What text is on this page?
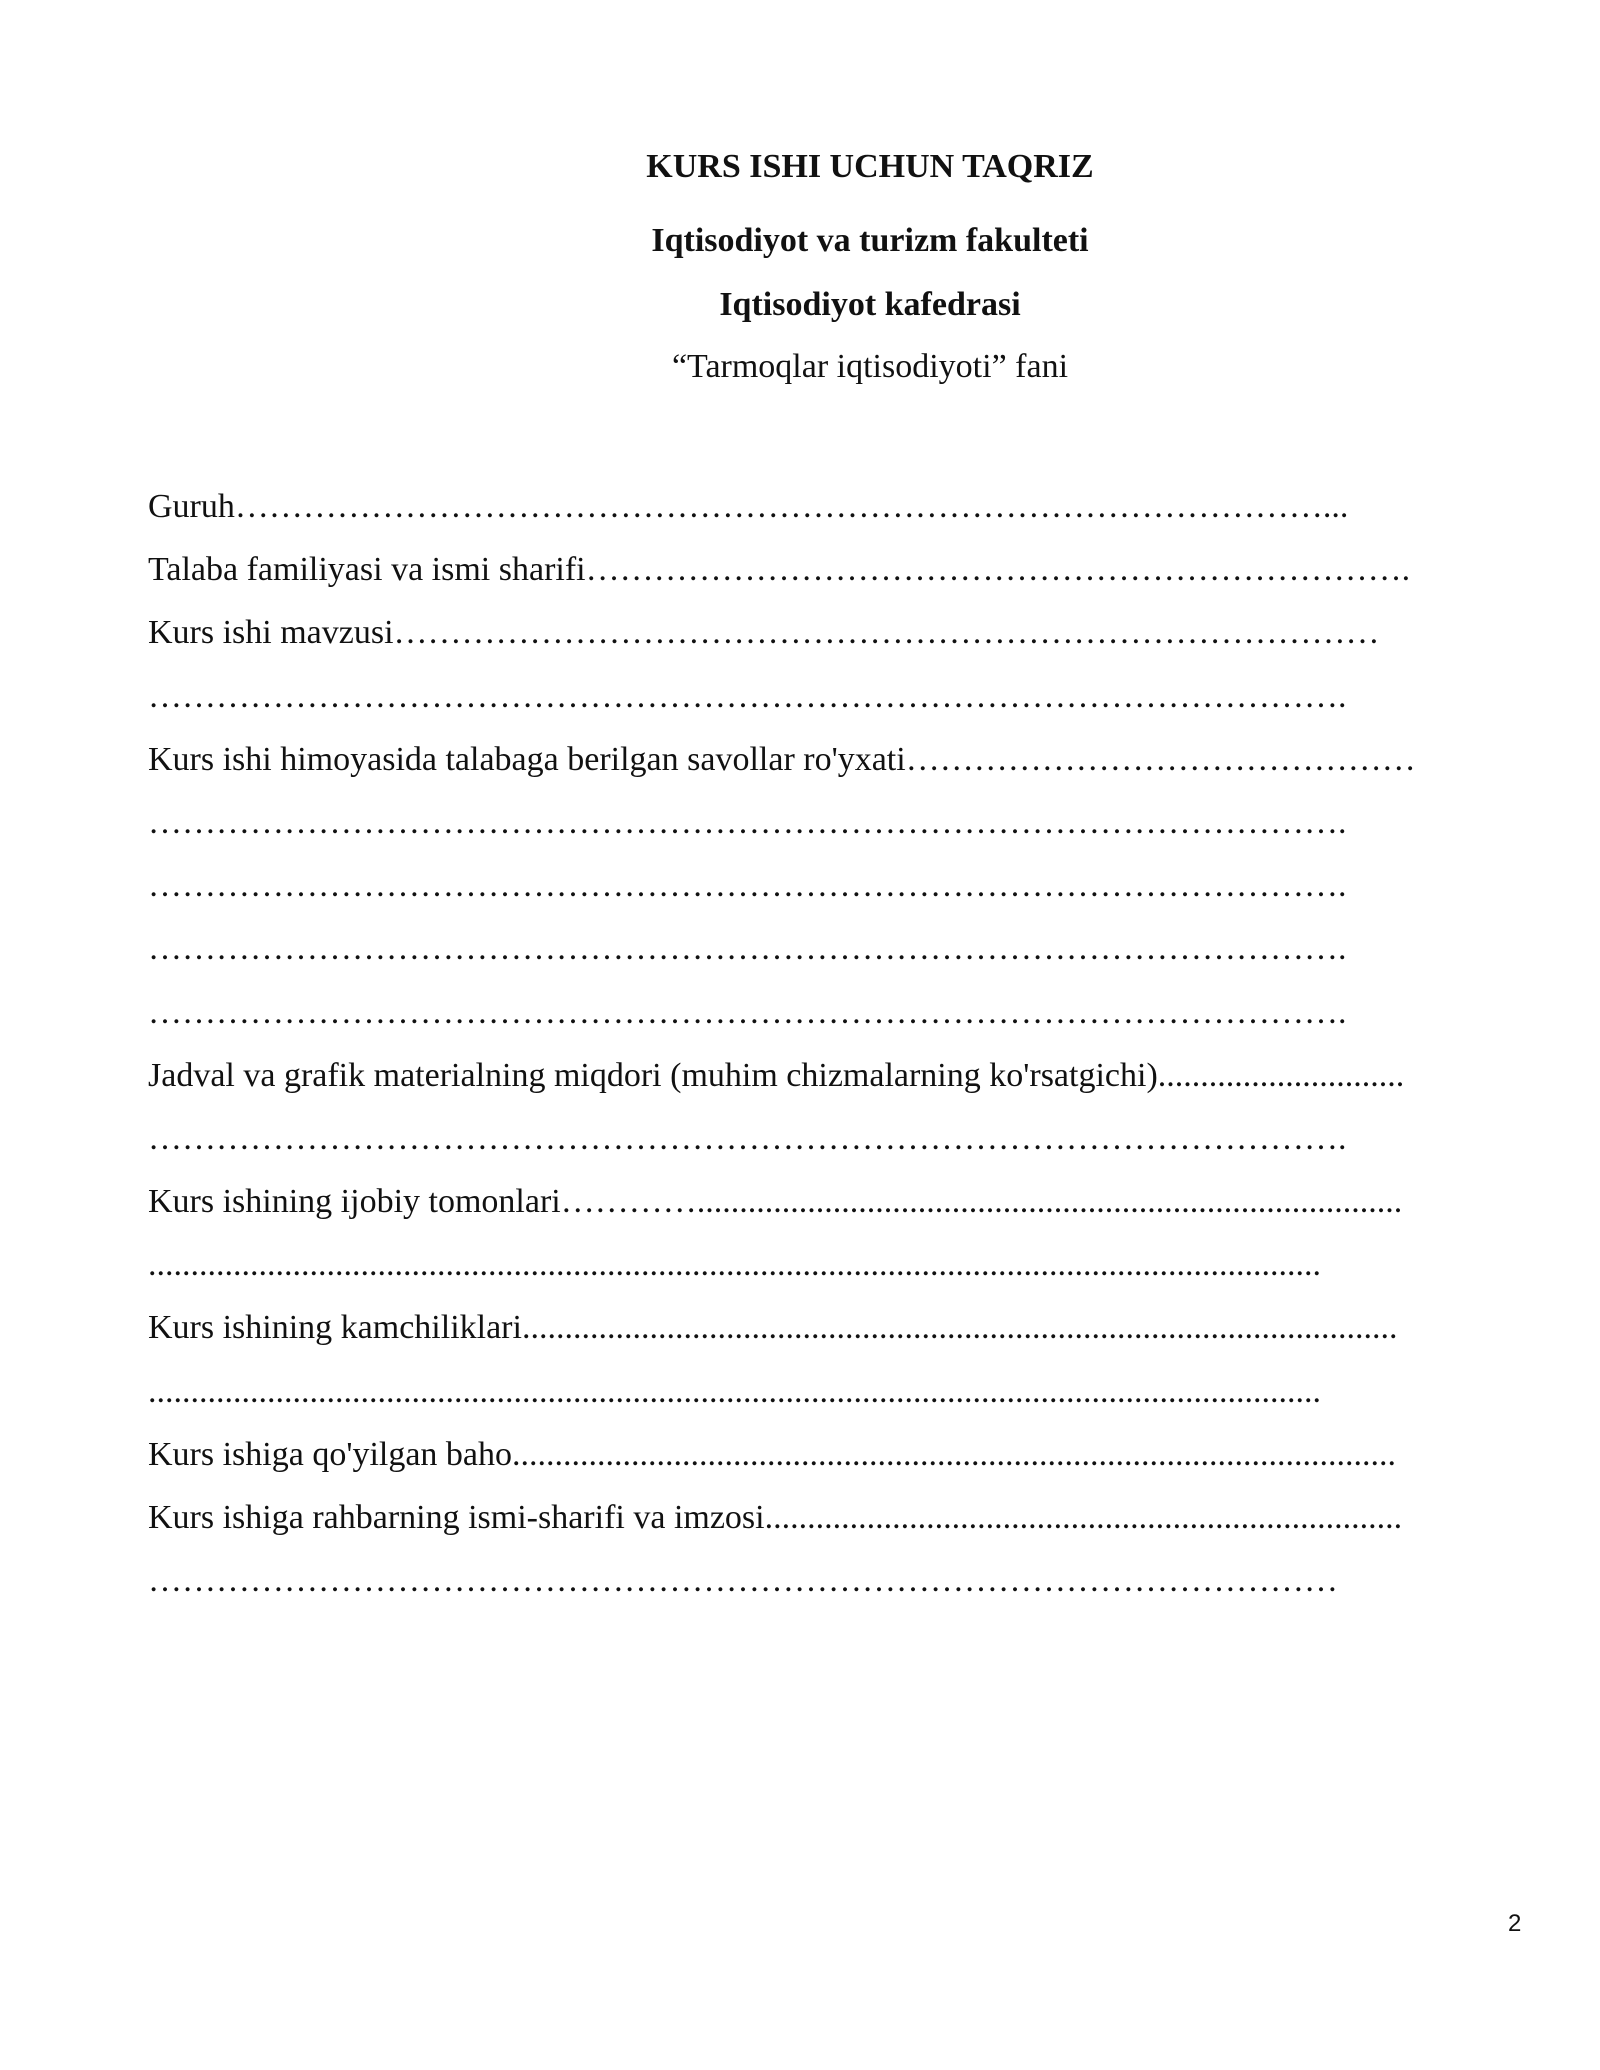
KURS ISHI UCHUN TAQRIZ
Iqtisodiyot va turizm fakulteti
Iqtisodiyot kafedrasi
“Tarmoqlar iqtisodiyoti” fani
Guruh……………………………………………………………………………………...
Talaba familiyasi va ismi sharifi……………………………………………………………….
Kurs ishi mavzusi……………………………………………………………………………
…………………………………………………………………………………………….
Kurs ishi himoyasida talabaga berilgan savollar ro'yxati………………………………………
…………………………………………………………………………………………….
…………………………………………………………………………………………….
…………………………………………………………………………………………….
…………………………………………………………………………………………….
Jadval va grafik materialning miqdori (muhim chizmalarning ko'rsatgichi).............................
…………………………………………………………………………………………….
Kurs ishining ijobiy tomonlari…………...................................................................................
..........................................................................................................................................
Kurs ishining kamchiliklari.......................................................................................................
..........................................................................................................................................
Kurs ishiga qo'yilgan baho........................................................................................................
Kurs ishiga rahbarning ismi-sharifi va imzosi...........................................................................
……………………………………………………………………………………………
2
